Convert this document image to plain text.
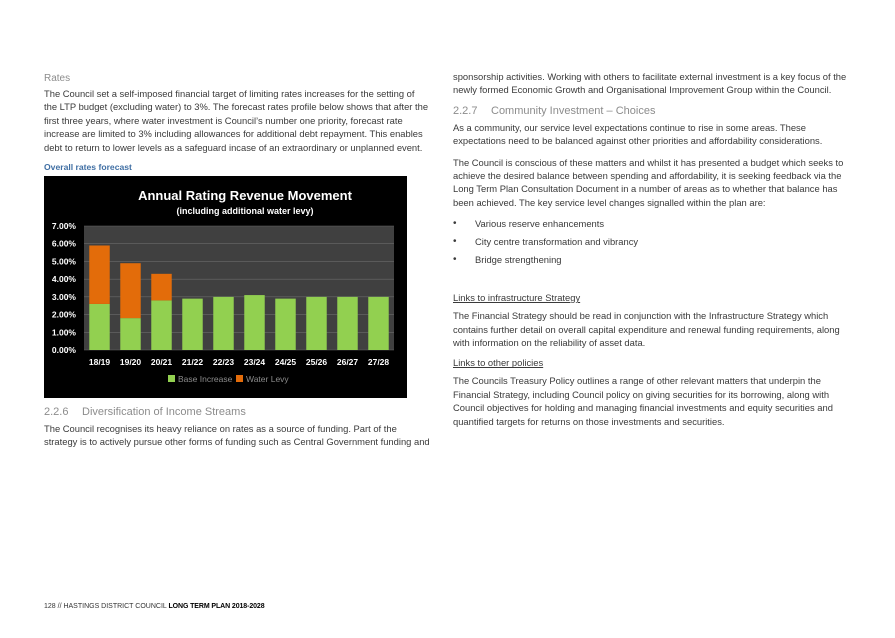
Rates

The Council set a self-imposed financial target of limiting rates increases for the setting of the LTP budget (excluding water) to 3%. The forecast rates profile below shows that after the first three years, where water investment is Council’s number one priority, forecast rate increase are limited to 3% including allowances for additional debt repayment. This enables debt to return to lower levels as a safeguard incase of an extraordinary or unplanned event.

Overall rates forecast
0.00%
1.00%
2.00%
3.00%
4.00%
5.00%
6.00%
7.00%
Annual Rating Revenue Movement
(including additional water levy)
18/19 19/20 20/21 21/22 22/23 23/24 24/25 25/26 26/27 27/28
Base Increase Water Levy
2.2.6 Diversification of Income Streams

The Council recognises its heavy reliance on rates as a source of funding. Part of the strategy is to actively pursue other forms of funding such as Central Government funding and

sponsorship activities. Working with others to facilitate external investment is a key focus of the newly formed Economic Growth and Organisational Improvement Group within the Council.

2.2.7 Community Investment – Choices

As a community, our service level expectations continue to rise in some areas. These expectations need to be balanced against other priorities and affordability considerations.

The Council is conscious of these matters and whilst it has presented a budget which seeks to achieve the desired balance between spending and affordability, it is seeking feedback via the Long Term Plan Consultation Document in a number of areas as to whether that balance has been achieved. The key service level changes signalled within the plan are:

• Various reserve enhancements
• City centre transformation and vibrancy
• Bridge strengthening
Links to infrastructure Strategy

The Financial Strategy should be read in conjunction with the Infrastructure Strategy which contains further detail on overall capital expenditure and renewal funding requirements, along with information on the reliability of asset data.

Links to other policies

The Councils Treasury Policy outlines a range of other relevant matters that underpin the Financial Strategy, including Council policy on giving securities for its borrowing, along with Council objectives for holding and managing financial investments and equity securities and quantified targets for returns on those investments and securities.

128 // HASTINGS DISTRICT COUNCIL LONG TERM PLAN 2018-2028
